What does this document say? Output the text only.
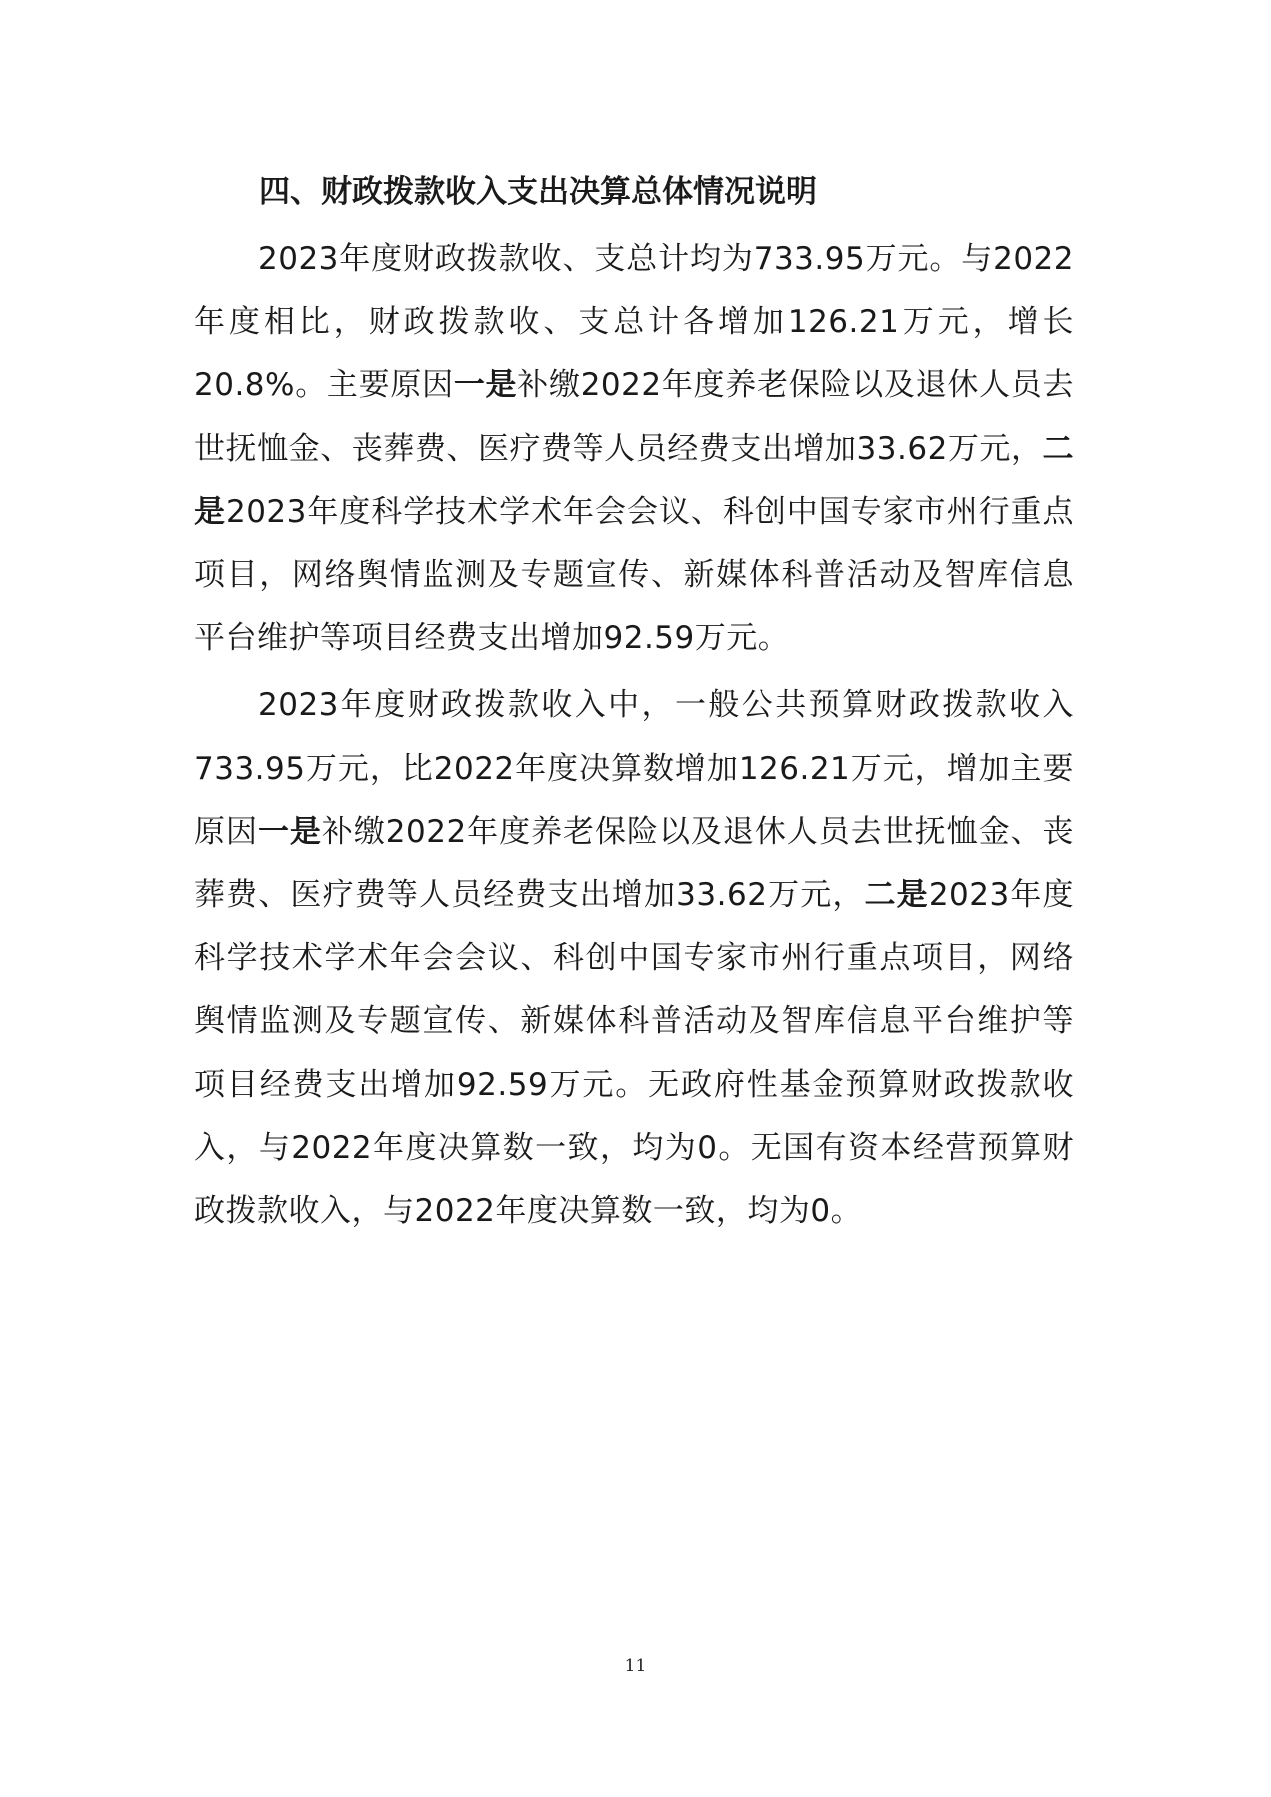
四、财政拨款收入支出决算总体情况说明

2023年度财政拨款收、支总计均为733.95万元。与2022年度相比，财政拨款收、支总计各增加126.21万元，增长20.8%。主要原因一是补缴2022年度养老保险以及退休人员去世抚恤金、丧葬费、医疗费等人员经费支出增加33.62万元，二是2023年度科学技术学术年会会议、科创中国专家市州行重点项目，网络舆情监测及专题宣传、新媒体科普活动及智库信息平台维护等项目经费支出增加92.59万元。

2023年度财政拨款收入中，一般公共预算财政拨款收入733.95万元，比2022年度决算数增加126.21万元，增加主要原因一是补缴2022年度养老保险以及退休人员去世抚恤金、丧葬费、医疗费等人员经费支出增加33.62万元，二是2023年度科学技术学术年会会议、科创中国专家市州行重点项目，网络舆情监测及专题宣传、新媒体科普活动及智库信息平台维护等项目经费支出增加92.59万元。无政府性基金预算财政拨款收入，与2022年度决算数一致，均为0。无国有资本经营预算财政拨款收入，与2022年度决算数一致，均为0。

11
